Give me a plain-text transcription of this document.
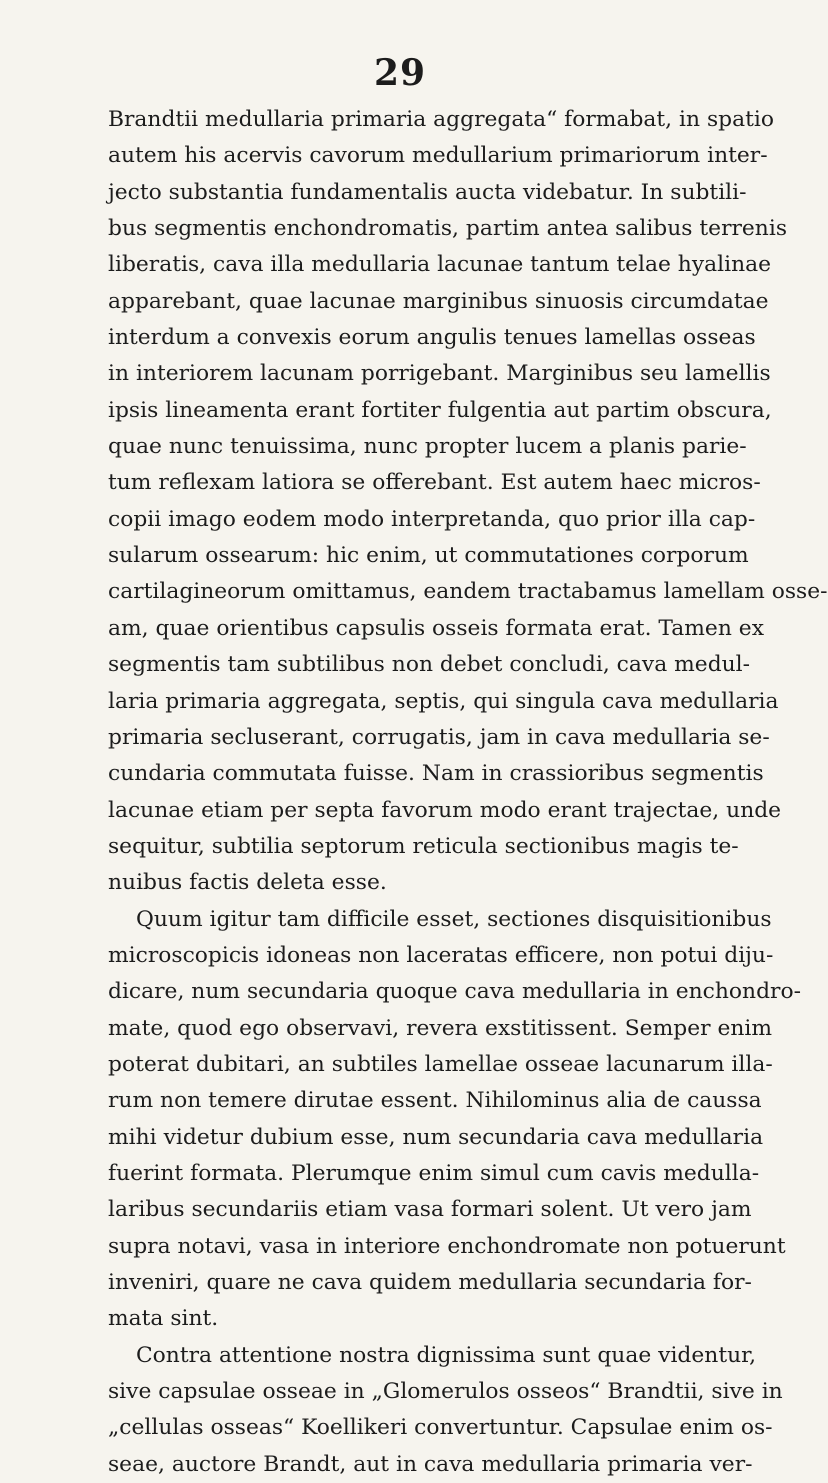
29
Brandtii medullaria primaria aggregata“ formabat, in spatio
autem his acervis cavorum medullarium primariorum inter-
jecto substantia fundamentalis aucta videbatur. In subtili-
bus segmentis enchondromatis, partim antea salibus terrenis
liberatis, cava illa medullaria lacunae tantum telae hyalinae
apparebant, quae lacunae marginibus sinuosis circumdatae
interdum a convexis eorum angulis tenues lamellas osseas
in interiorem lacunam porrigebant. Marginibus seu lamellis
ipsis lineamenta erant fortiter fulgentia aut partim obscura,
quae nunc tenuissima, nunc propter lucem a planis parie-
tum reflexam latiora se offerebant. Est autem haec micros-
copii imago eodem modo interpretanda, quo prior illa cap-
sularum ossearum: hic enim, ut commutationes corporum
cartilagineorum omittamus, eandem tractabamus lamellam osse-
am, quae orientibus capsulis osseis formata erat. Tamen ex
segmentis tam subtilibus non debet concludi, cava medul-
laria primaria aggregata, septis, qui singula cava medullaria
primaria secluserant, corrugatis, jam in cava medullaria se-
cundaria commutata fuisse. Nam in crassioribus segmentis
lacunae etiam per septa favorum modo erant trajectae, unde
sequitur, subtilia septorum reticula sectionibus magis te-
nuibus factis deleta esse.
Quum igitur tam difficile esset, sectiones disquisitionibus
microscopicis idoneas non laceratas efficere, non potui diju-
dicare, num secundaria quoque cava medullaria in enchondro-
mate, quod ego observavi, revera exstitissent. Semper enim
poterat dubitari, an subtiles lamellae osseae lacunarum illa-
rum non temere dirutae essent. Nihilominus alia de caussa
mihi videtur dubium esse, num secundaria cava medullaria
fuerint formata. Plerumque enim simul cum cavis medulla-
laribus secundariis etiam vasa formari solent. Ut vero jam
supra notavi, vasa in interiore enchondromate non potuerunt
inveniri, quare ne cava quidem medullaria secundaria for-
mata sint.
Contra attentione nostra dignissima sunt quae videntur,
sive capsulae osseae in „Glomerulos osseos“ Brandtii, sive in
„cellulas osseas“ Koellikeri convertuntur. Capsulae enim os-
seae, auctore Brandt, aut in cava medullaria primaria ver-
